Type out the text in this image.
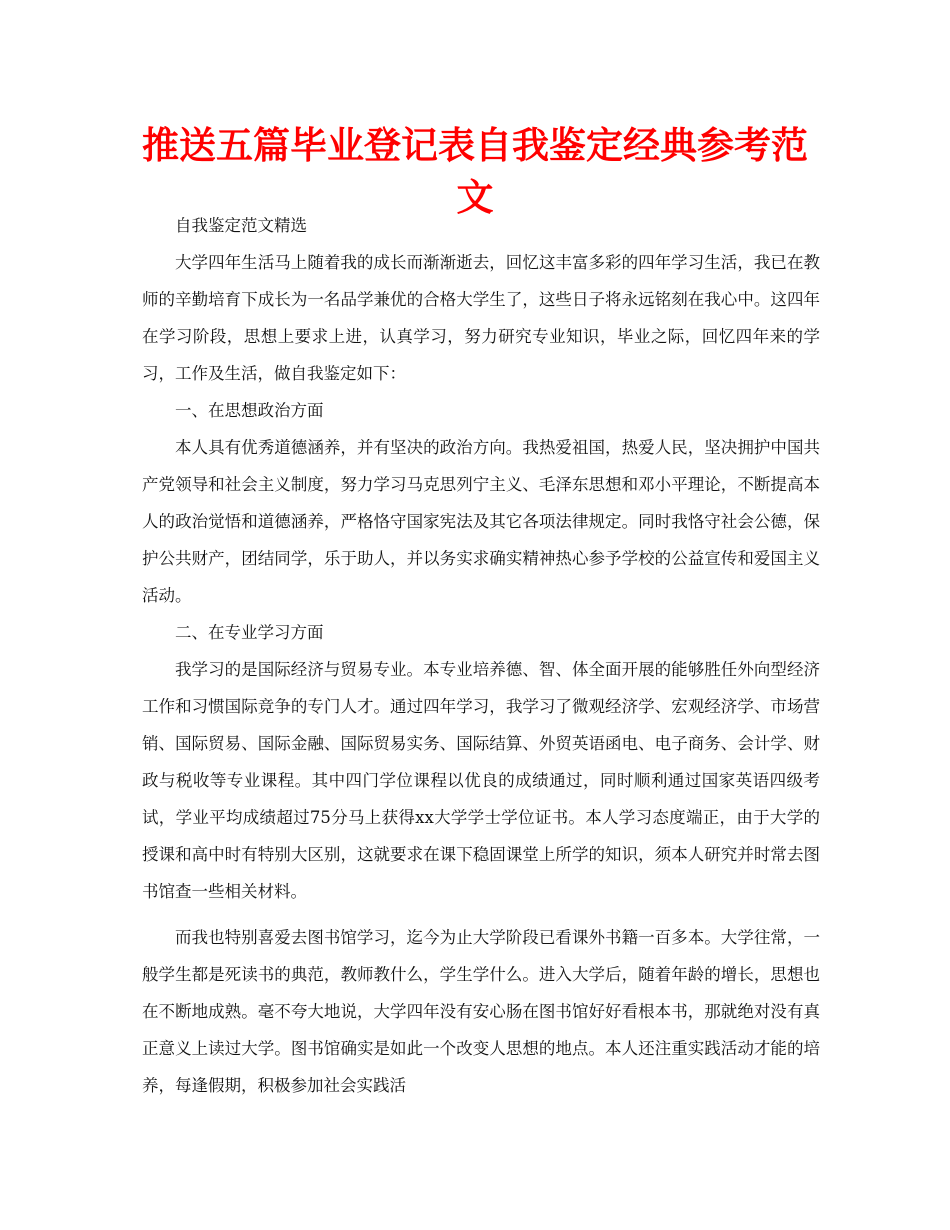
推送五篇毕业登记表自我鉴定经典参考范文

自我鉴定范文精选

大学四年生活马上随着我的成长而渐渐逝去，回忆这丰富多彩的四年学习生活，我已在教师的辛勤培育下成长为一名品学兼优的合格大学生了，这些日子将永远铭刻在我心中。这四年在学习阶段，思想上要求上进，认真学习，努力研究专业知识，毕业之际，回忆四年来的学习，工作及生活，做自我鉴定如下：

一、在思想政治方面

本人具有优秀道德涵养，并有坚决的政治方向。我热爱祖国，热爱人民，坚决拥护中国共产党领导和社会主义制度，努力学习马克思列宁主义、毛泽东思想和邓小平理论，不断提高本人的政治觉悟和道德涵养，严格恪守国家宪法及其它各项法律规定。同时我恪守社会公德，保护公共财产，团结同学，乐于助人，并以务实求确实精神热心参予学校的公益宣传和爱国主义活动。

二、在专业学习方面

我学习的是国际经济与贸易专业。本专业培养德、智、体全面开展的能够胜任外向型经济工作和习惯国际竞争的专门人才。通过四年学习，我学习了微观经济学、宏观经济学、市场营销、国际贸易、国际金融、国际贸易实务、国际结算、外贸英语函电、电子商务、会计学、财政与税收等专业课程。其中四门学位课程以优良的成绩通过，同时顺利通过国家英语四级考试，学业平均成绩超过75分马上获得xx大学学士学位证书。本人学习态度端正，由于大学的授课和高中时有特别大区别，这就要求在课下稳固课堂上所学的知识，须本人研究并时常去图书馆查一些相关材料。

而我也特别喜爱去图书馆学习，迄今为止大学阶段已看课外书籍一百多本。大学往常，一般学生都是死读书的典范，教师教什么，学生学什么。进入大学后，随着年龄的增长，思想也在不断地成熟。毫不夸大地说，大学四年没有安心肠在图书馆好好看根本书，那就绝对没有真正意义上读过大学。图书馆确实是如此一个改变人思想的地点。本人还注重实践活动才能的培养，每逢假期，积极参加社会实践活
